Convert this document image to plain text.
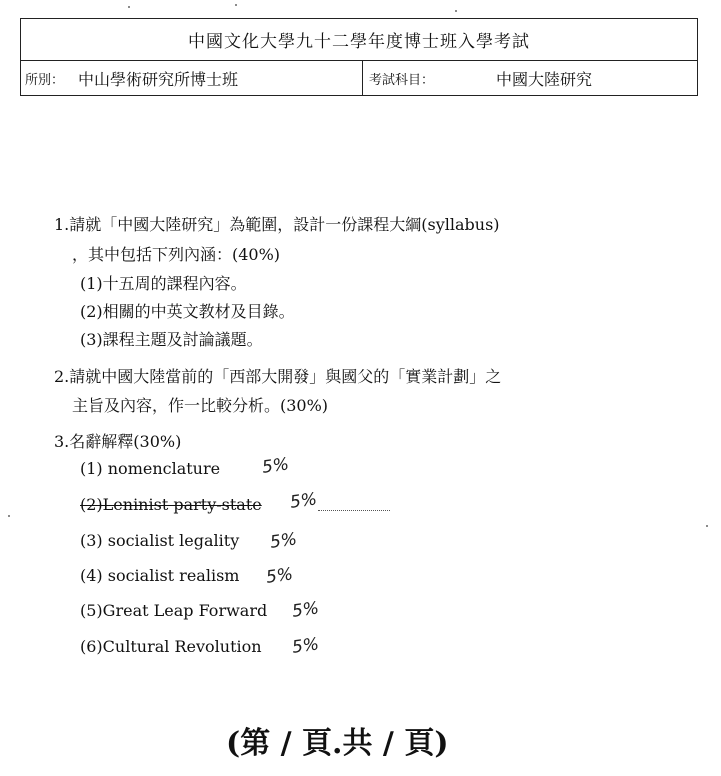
中國文化大學九十二學年度博士班入學考試
所別： 中山學術研究所博士班	考試科目：	中國大陸研究
1.請就「中國大陸研究」為範圍，設計一份課程大綱(syllabus)
，其中包括下列內涵：(40%)
(1)十五周的課程內容。
(2)相關的中英文教材及目錄。
(3)課程主題及討論議題。
2.請就中國大陸當前的「西部大開發」與國父的「實業計劃」之
主旨及內容，作一比較分析。(30%)
3.名辭解釋(30%)
(1) nomenclature 5%
(2)Leninist party-state 5%
(3) socialist legality 5%
(4) socialist realism 5%
(5)Great Leap Forward 5%
(6)Cultural Revolution 5%
(第 / 頁.共 / 頁)
